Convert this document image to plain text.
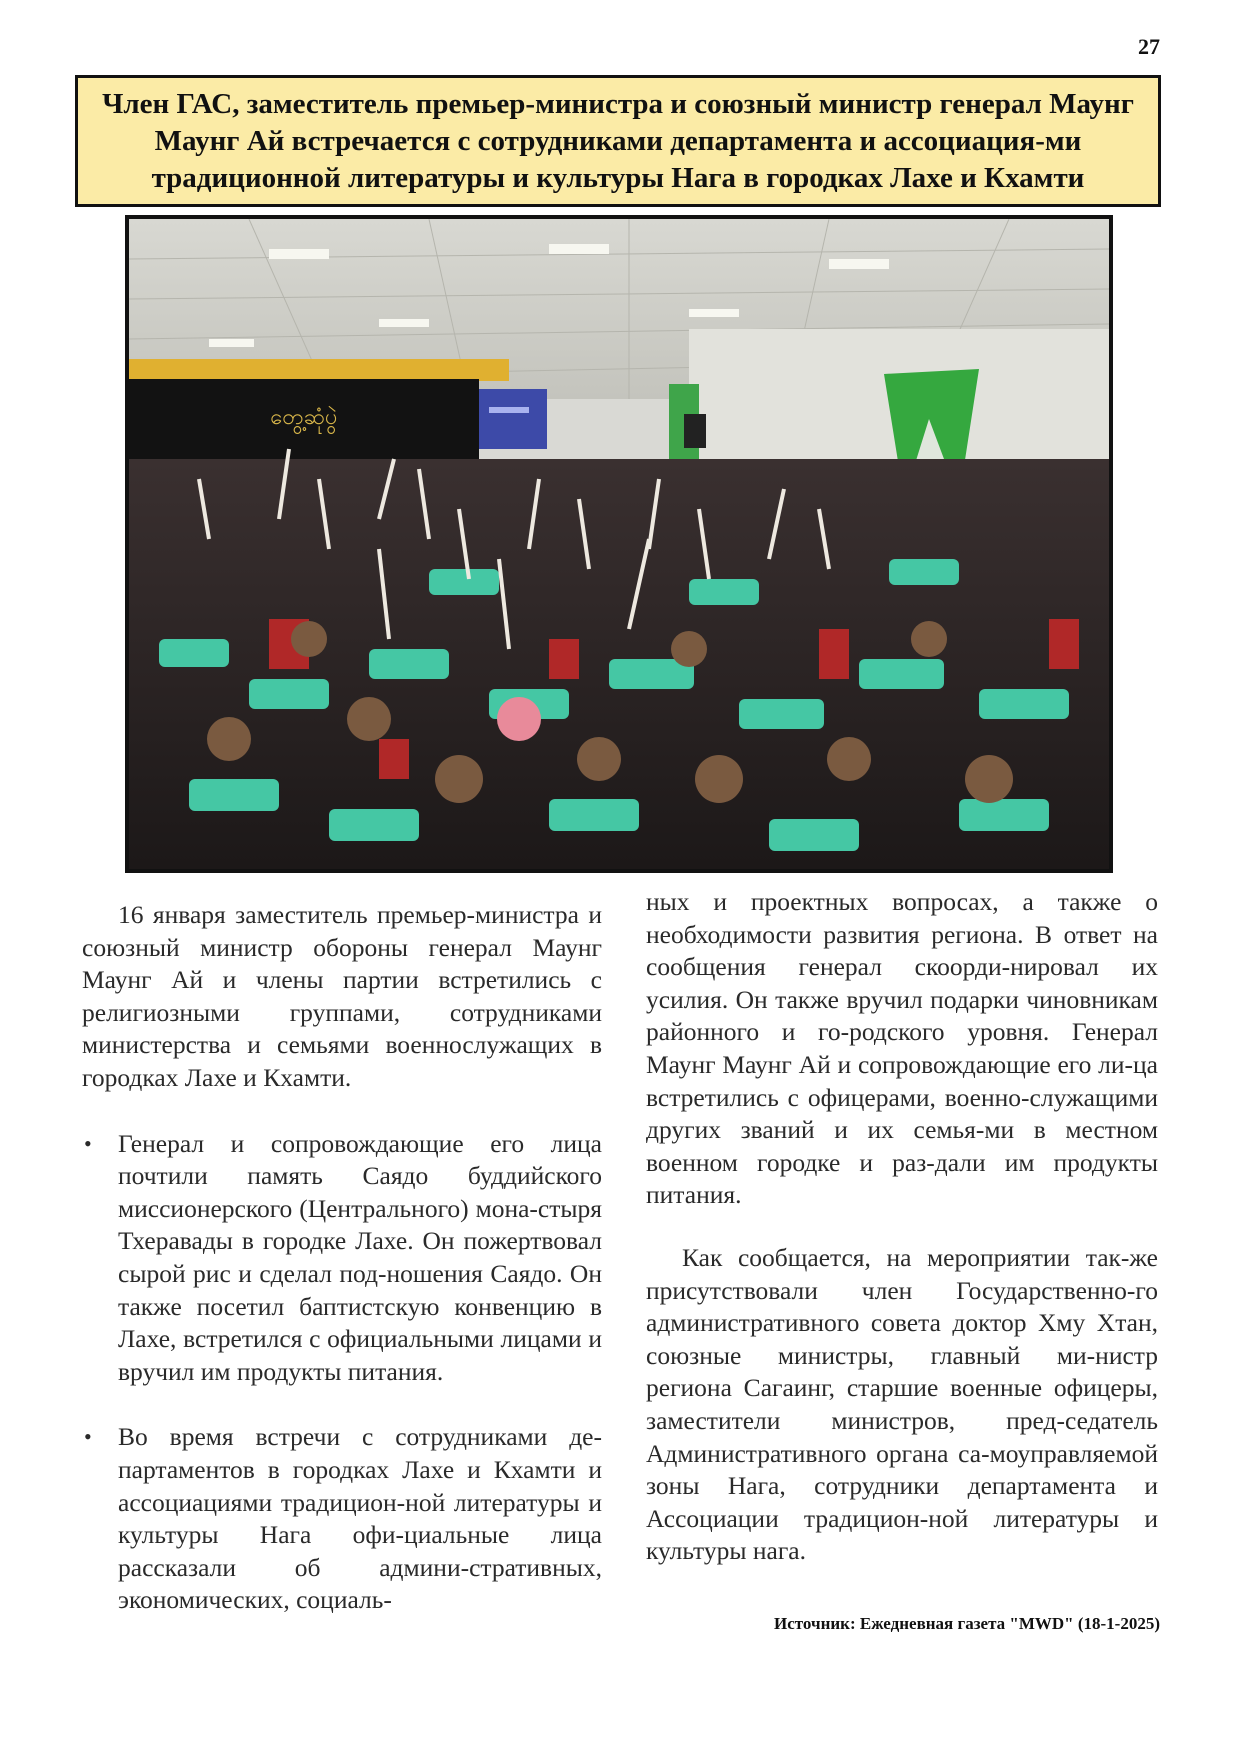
27
Член ГАС, заместитель премьер-министра и союзный министр генерал Маунг Маунг Ай встречается с сотрудниками департамента и ассоциация-ми традиционной литературы и культуры Нага в городках Лахе и Кхамти
တွေ့ဆုံပွဲ

16 января заместитель премьер-министра и союзный министр обороны генерал Маунг Маунг Ай и члены партии встретились с религиозными группами, сотрудниками министерства и семьями военнослужащих в городках Лахе и Кхамти.

• Генерал и сопровождающие его лица почтили память Саядо буддийского миссионерского (Центрального) мона-стыря Тхеравады в городке Лахе. Он пожертвовал сырой рис и сделал под-ношения Саядо. Он также посетил баптистскую конвенцию в Лахе, встретился с официальными лицами и вручил им продукты питания.
• Во время встречи с сотрудниками де-партаментов в городках Лахе и Кхамти и ассоциациями традицион-ной литературы и культуры Нага офи-циальные лица рассказали об админи-стративных, экономических, социаль-

ных и проектных вопросах, а также о необходимости развития региона. В ответ на сообщения генерал скоорди-нировал их усилия. Он также вручил подарки чиновникам районного и го-родского уровня. Генерал Маунг Маунг Ай и сопровождающие его ли-ца встретились с офицерами, военно-служащими других званий и их семья-ми в местном военном городке и раз-дали им продукты питания.

Как сообщается, на мероприятии так-же присутствовали член Государственно-го административного совета доктор Хму Хтан, союзные министры, главный ми-нистр региона Сагаинг, старшие военные офицеры, заместители министров, пред-седатель Административного органа са-моуправляемой зоны Нага, сотрудники департамента и Ассоциации традицион-ной литературы и культуры нага.

Источник: Ежедневная газета "MWD" (18-1-2025)
